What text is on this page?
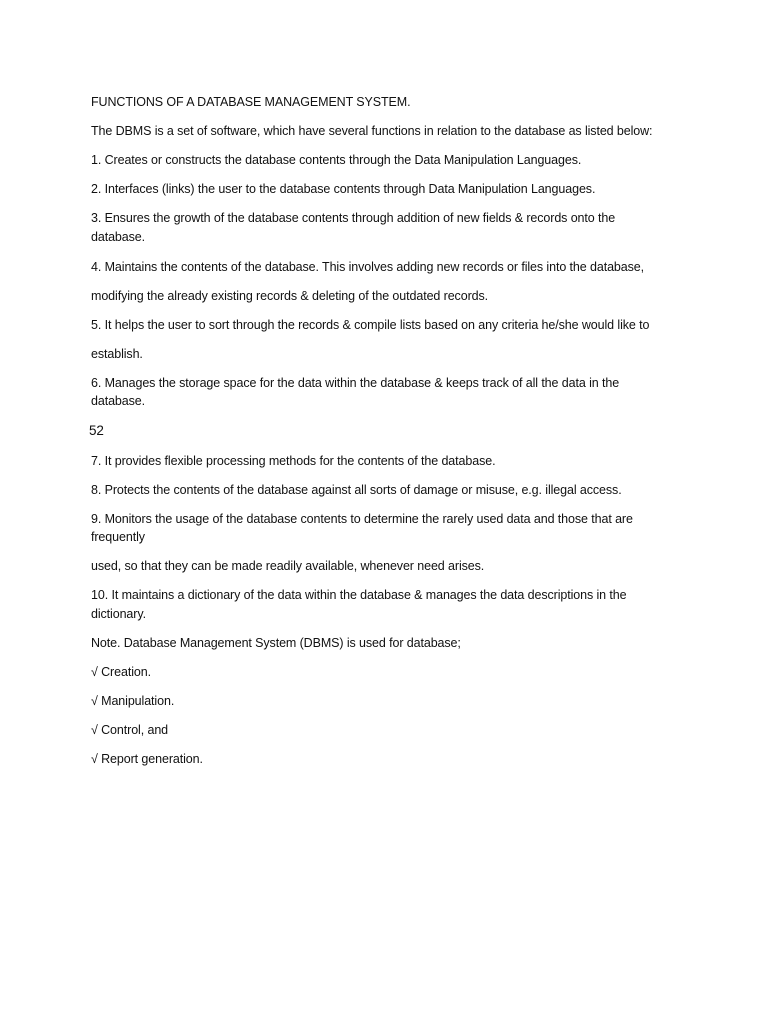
FUNCTIONS OF A DATABASE MANAGEMENT SYSTEM.
The DBMS is a set of software, which have several functions in relation to the database as listed below:
1. Creates or constructs the database contents through the Data Manipulation Languages.
2. Interfaces (links) the user to the database contents through Data Manipulation Languages.
3. Ensures the growth of the database contents through addition of new fields & records onto the
database.
4. Maintains the contents of the database. This involves adding new records or files into the database,
modifying the already existing records & deleting of the outdated records.
5. It helps the user to sort through the records & compile lists based on any criteria he/she would like to
establish.
6. Manages the storage space for the data within the database & keeps track of all the data in the
database.
52
7. It provides flexible processing methods for the contents of the database.
8. Protects the contents of the database against all sorts of damage or misuse, e.g. illegal access.
9. Monitors the usage of the database contents to determine the rarely used data and those that are
frequently
used, so that they can be made readily available, whenever need arises.
10. It maintains a dictionary of the data within the database & manages the data descriptions in the
dictionary.
Note. Database Management System (DBMS) is used for database;
√ Creation.
√ Manipulation.
√ Control, and
√ Report generation.
